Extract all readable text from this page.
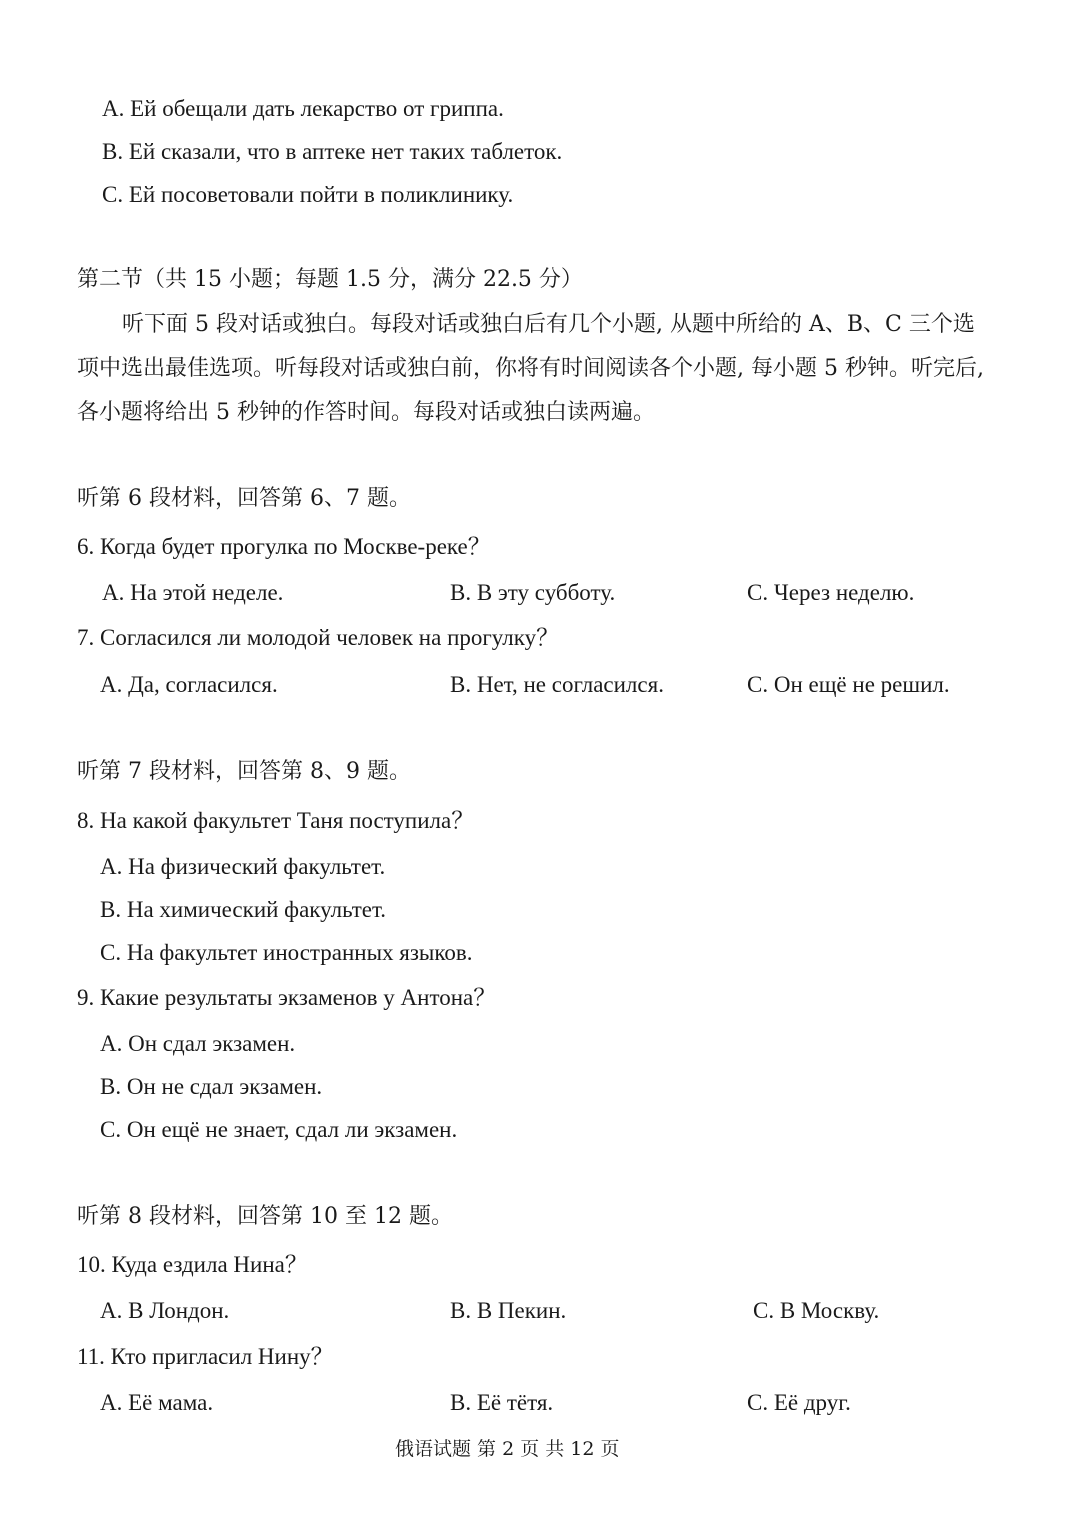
A. Ей обещали дать лекарство от гриппа.
B. Ей сказали, что в аптеке нет таких таблеток.
C. Ей посоветовали пойти в поликлинику.
第二节（共 15 小题；每题 1.5 分，满分 22.5 分）
听下面 5 段对话或独白。每段对话或独白后有几个小题, 从题中所给的 A、B、C 三个选
项中选出最佳选项。听每段对话或独白前，你将有时间阅读各个小题, 每小题 5 秒钟。听完后,
各小题将给出 5 秒钟的作答时间。每段对话或独白读两遍。
听第 6 段材料，回答第 6、7 题。
6. Когда будет прогулка по Москве-реке？
A. На этой неделе.	B. В эту субботу.	C. Через неделю.
7. Согласился ли молодой человек на прогулку？
A. Да, согласился.	B. Нет, не согласился.	C. Он ещё не решил.
听第 7 段材料，回答第 8、9 题。
8. На какой факультет Таня поступила？
A. На физический факультет.
B. На химический факультет.
C. На факультет иностранных языков.
9. Какие результаты экзаменов у Антона？
A. Он сдал экзамен.
B. Он не сдал экзамен.
C. Он ещё не знает, сдал ли экзамен.
听第 8 段材料，回答第 10 至 12 题。
10. Куда ездила Нина？
A. В Лондон.	B. В Пекин.	C. В Москву.
11. Кто пригласил Нину？
A. Её мама.	B. Её тётя.	C. Её друг.
俄语试题 第 2 页 共 12 页
